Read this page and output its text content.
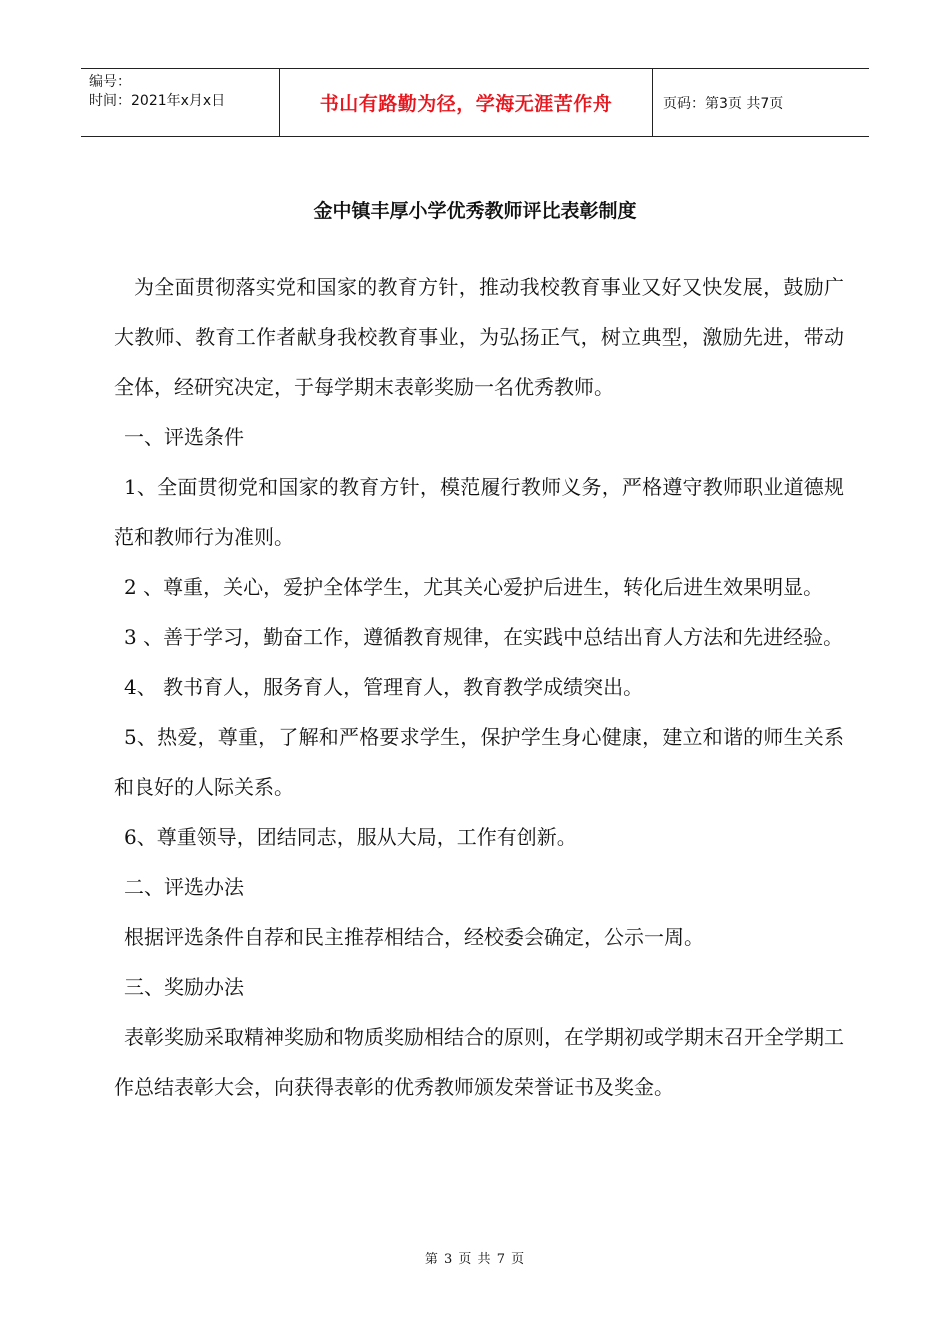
编号：
时间：2021年x月x日	书山有路勤为径，学海无涯苦作舟	页码：第3页 共7页
金中镇丰厚小学优秀教师评比表彰制度

为全面贯彻落实党和国家的教育方针，推动我校教育事业又好又快发展，鼓励广大教师、教育工作者献身我校教育事业，为弘扬正气，树立典型，激励先进，带动全体，经研究决定，于每学期末表彰奖励一名优秀教师。

一、评选条件

1、全面贯彻党和国家的教育方针，模范履行教师义务，严格遵守教师职业道德规范和教师行为准则。

2 、尊重，关心，爱护全体学生，尤其关心爱护后进生，转化后进生效果明显。

3 、善于学习，勤奋工作，遵循教育规律，在实践中总结出育人方法和先进经验。

4、 教书育人，服务育人，管理育人，教育教学成绩突出。

5、热爱，尊重，了解和严格要求学生，保护学生身心健康，建立和谐的师生关系和良好的人际关系。

6、尊重领导，团结同志，服从大局，工作有创新。

二、评选办法

根据评选条件自荐和民主推荐相结合，经校委会确定，公示一周。

三、奖励办法

表彰奖励采取精神奖励和物质奖励相结合的原则，在学期初或学期末召开全学期工作总结表彰大会，向获得表彰的优秀教师颁发荣誉证书及奖金。

第 3 页 共 7 页
